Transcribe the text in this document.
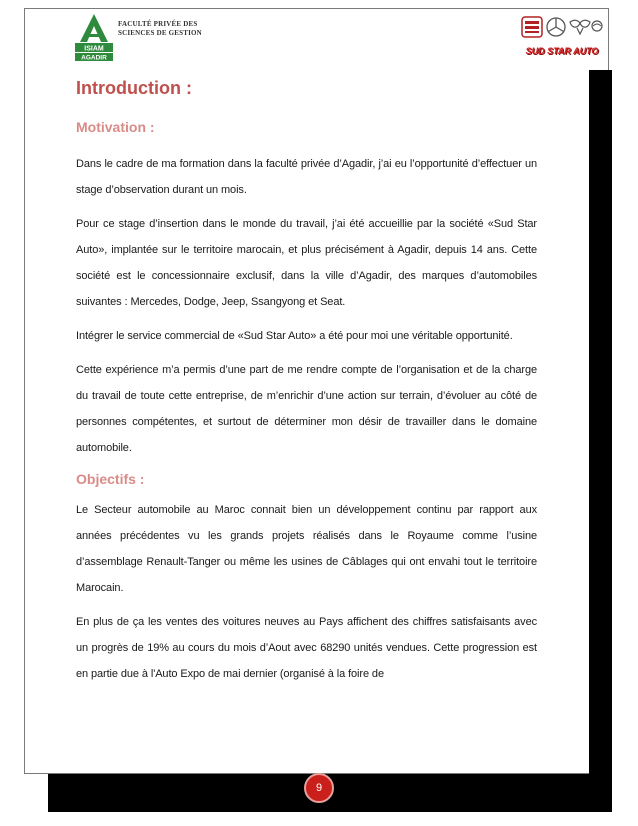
ISIAM
AGADIR
FACULTÉ PRIVÉE DES
SCIENCES DE GESTION
SUD STAR AUTO
Introduction :
Motivation :

Dans le cadre de ma formation dans la faculté privée d’Agadir, j’ai eu l’opportunité d’effectuer un stage d’observation durant un mois.

Pour ce stage d’insertion dans le monde du travail, j’ai été accueillie par la société «Sud Star Auto», implantée sur le territoire marocain, et plus précisément à Agadir, depuis 14 ans. Cette société est le concessionnaire exclusif, dans la ville d’Agadir, des marques d’automobiles suivantes : Mercedes, Dodge, Jeep, Ssangyong et Seat.

Intégrer le service commercial de «Sud Star Auto» a été pour moi une véritable opportunité.

Cette expérience m’a permis d’une part de me rendre compte de l’organisation et de la charge du travail de toute cette entreprise, de m’enrichir d’une action sur terrain, d’évoluer au côté de personnes compétentes, et surtout de déterminer mon désir de travailler dans le domaine automobile.

Objectifs :

Le Secteur automobile au Maroc connait bien un développement continu par rapport aux années précédentes vu les grands projets réalisés dans le Royaume comme l’usine d’assemblage Renault-Tanger ou même les usines de Câblages qui ont envahi tout le territoire Marocain.

En plus de ça les ventes des voitures neuves au Pays affichent des chiffres satisfaisants avec un progrès de 19% au cours du mois d’Aout avec 68290 unités vendues. Cette progression est en partie due à l'Auto Expo de mai dernier (organisé à la foire de

9
